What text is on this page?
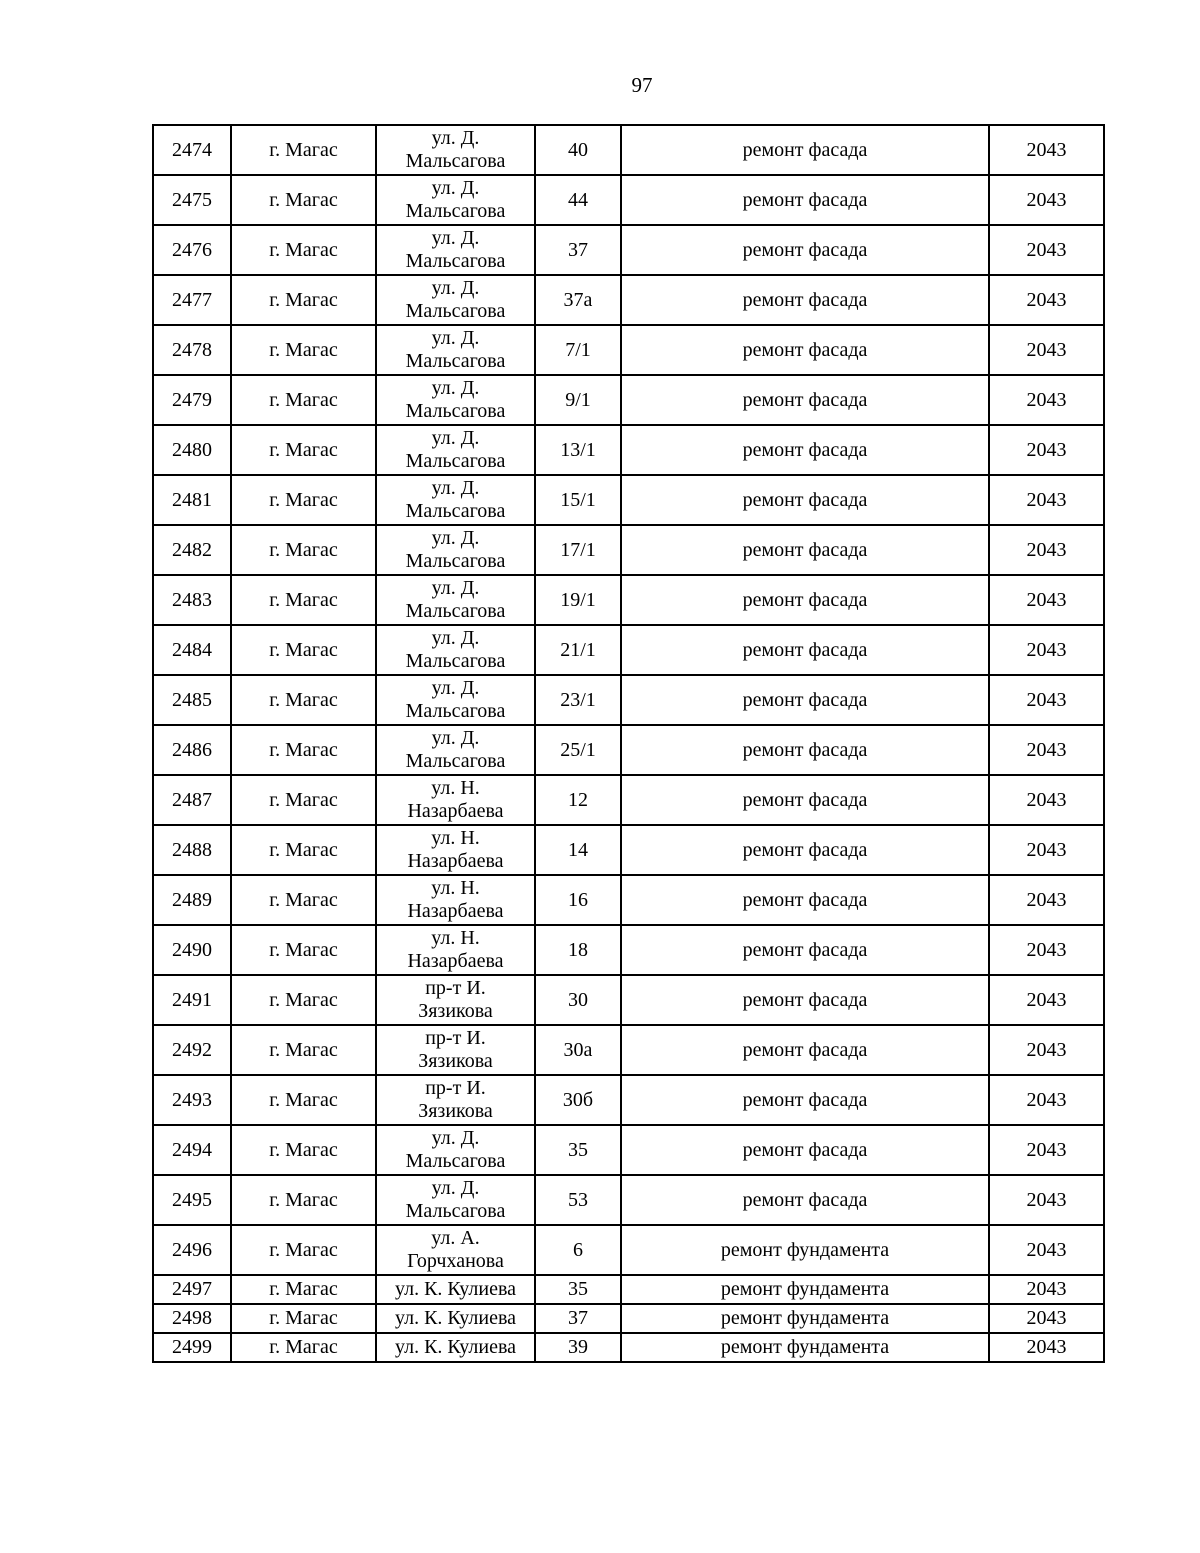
97
2474	г. Магас	ул. Д.
Мальсагова	40	ремонт фасада	2043
2475	г. Магас	ул. Д.
Мальсагова	44	ремонт фасада	2043
2476	г. Магас	ул. Д.
Мальсагова	37	ремонт фасада	2043
2477	г. Магас	ул. Д.
Мальсагова	37а	ремонт фасада	2043
2478	г. Магас	ул. Д.
Мальсагова	7/1	ремонт фасада	2043
2479	г. Магас	ул. Д.
Мальсагова	9/1	ремонт фасада	2043
2480	г. Магас	ул. Д.
Мальсагова	13/1	ремонт фасада	2043
2481	г. Магас	ул. Д.
Мальсагова	15/1	ремонт фасада	2043
2482	г. Магас	ул. Д.
Мальсагова	17/1	ремонт фасада	2043
2483	г. Магас	ул. Д.
Мальсагова	19/1	ремонт фасада	2043
2484	г. Магас	ул. Д.
Мальсагова	21/1	ремонт фасада	2043
2485	г. Магас	ул. Д.
Мальсагова	23/1	ремонт фасада	2043
2486	г. Магас	ул. Д.
Мальсагова	25/1	ремонт фасада	2043
2487	г. Магас	ул. Н.
Назарбаева	12	ремонт фасада	2043
2488	г. Магас	ул. Н.
Назарбаева	14	ремонт фасада	2043
2489	г. Магас	ул. Н.
Назарбаева	16	ремонт фасада	2043
2490	г. Магас	ул. Н.
Назарбаева	18	ремонт фасада	2043
2491	г. Магас	пр-т И.
Зязикова	30	ремонт фасада	2043
2492	г. Магас	пр-т И.
Зязикова	30а	ремонт фасада	2043
2493	г. Магас	пр-т И.
Зязикова	30б	ремонт фасада	2043
2494	г. Магас	ул. Д.
Мальсагова	35	ремонт фасада	2043
2495	г. Магас	ул. Д.
Мальсагова	53	ремонт фасада	2043
2496	г. Магас	ул. А.
Горчханова	6	ремонт фундамента	2043
2497	г. Магас	ул. К. Кулиева	35	ремонт фундамента	2043
2498	г. Магас	ул. К. Кулиева	37	ремонт фундамента	2043
2499	г. Магас	ул. К. Кулиева	39	ремонт фундамента	2043
